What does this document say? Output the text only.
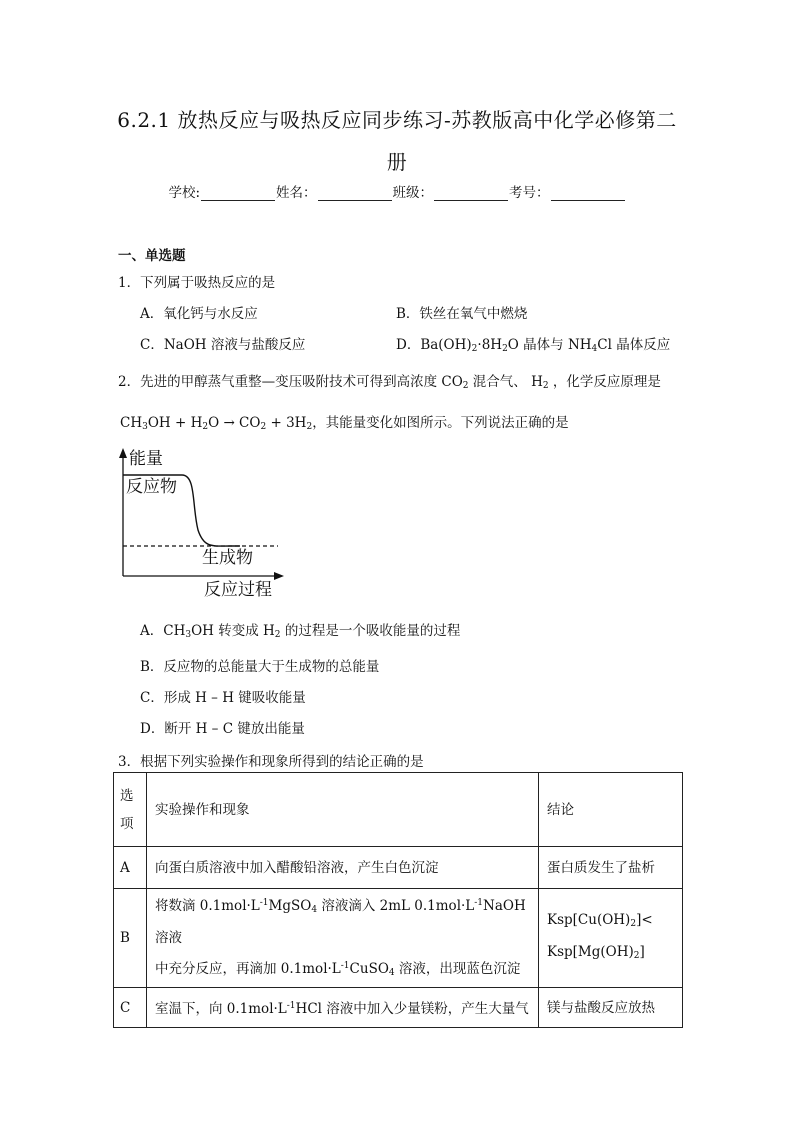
6.2.1 放热反应与吸热反应同步练习-苏教版高中化学必修第二
册
学校:	姓名：	班级：	考号：
一、单选题
1．下列属于吸热反应的是
A．氧化钙与水反应	B．铁丝在氧气中燃烧
C．NaOH 溶液与盐酸反应	D．$Ba(OH)_2\cdot 8H_2O$ 晶体与 $NH_4Cl$ 晶体反应
2．先进的甲醇蒸气重整—变压吸附技术可得到高浓度 $CO_2$ 混合气、 $H_2$ ，化学反应原理是
$CH_3OH + H_2O \to CO_2 + 3H_2$，其能量变化如图所示。下列说法正确的是
能量
反应物
生成物
反应过程
A．$CH_3OH$ 转变成 $H_2$ 的过程是一个吸收能量的过程
B．反应物的总能量大于生成物的总能量
C．形成 H – H 键吸收能量
D．断开 H – C 键放出能量
3．根据下列实验操作和现象所得到的结论正确的是
选
项	实验操作和现象	结论
A	向蛋白质溶液中加入醋酸铅溶液，产生白色沉淀	蛋白质发生了盐析
B	将数滴 $0.1mol\cdot L^{-1}MgSO_4$ 溶液滴入 2mL $0.1mol\cdot L^{-1}NaOH$ 溶液
中充分反应，再滴加 $0.1mol\cdot L^{-1}CuSO_4$ 溶液，出现蓝色沉淀	$Ksp[Cu(OH)_2]<$
$Ksp[Mg(OH)_2]$
C	室温下，向 $0.1mol\cdot L^{-1}HCl$ 溶液中加入少量镁粉，产生大量气	镁与盐酸反应放热
